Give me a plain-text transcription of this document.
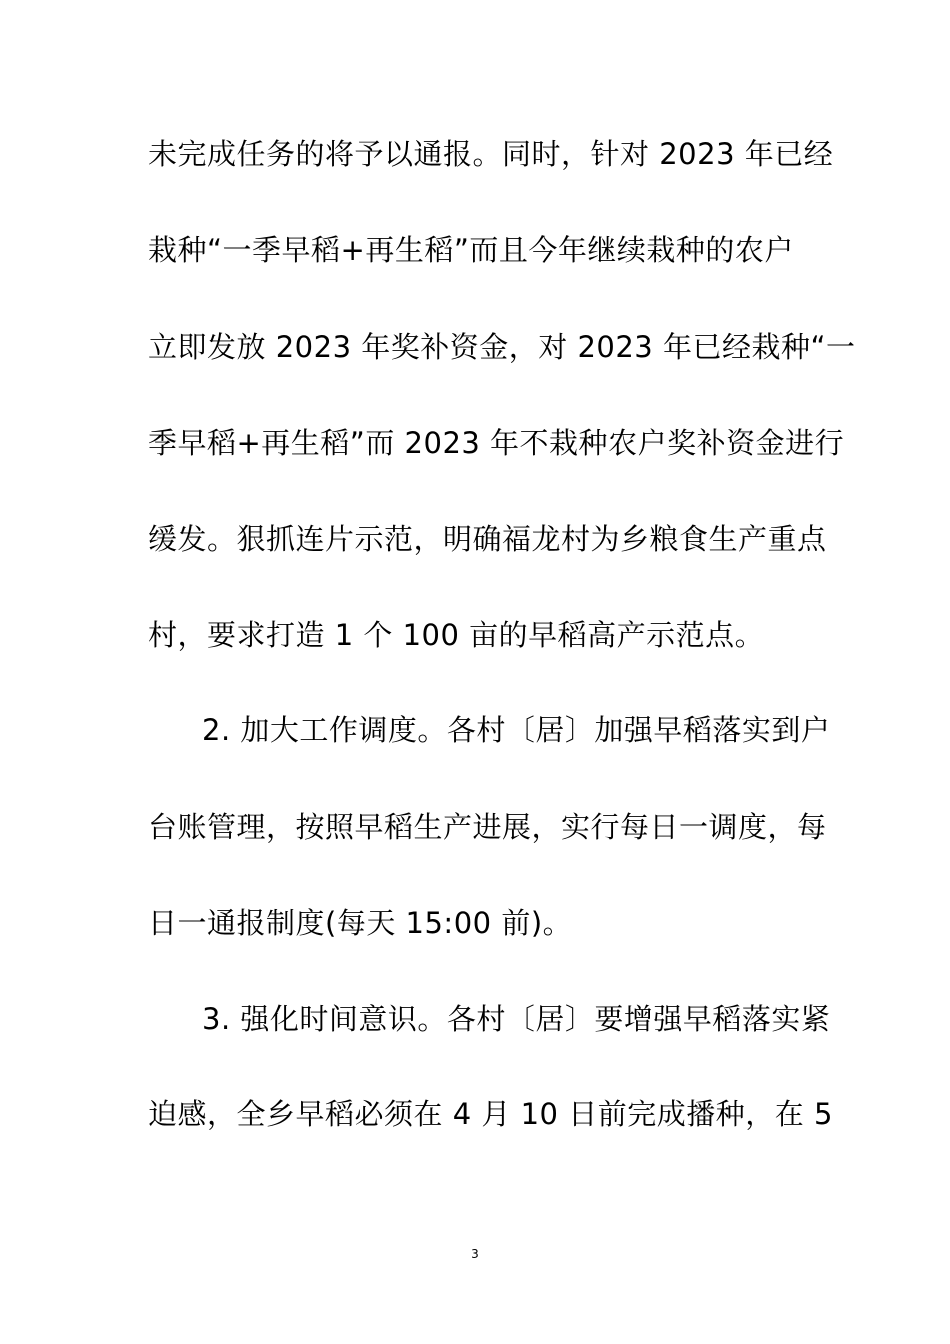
未完成任务的将予以通报。同时，针对 2023 年已经
栽种“一季早稻+再生稻”而且今年继续栽种的农户
立即发放 2023 年奖补资金，对 2023 年已经栽种“一
季早稻+再生稻”而 2023 年不栽种农户奖补资金进行
缓发。狠抓连片示范，明确福龙村为乡粮食生产重点
村，要求打造 1 个 100 亩的早稻高产示范点。
2. 加大工作调度。各村〔居〕加强早稻落实到户
台账管理，按照早稻生产进展，实行每日一调度，每
日一通报制度(每天 15:00 前)。
3. 强化时间意识。各村〔居〕要增强早稻落实紧
迫感，全乡早稻必须在 4 月 10 日前完成播种，在 5
3
